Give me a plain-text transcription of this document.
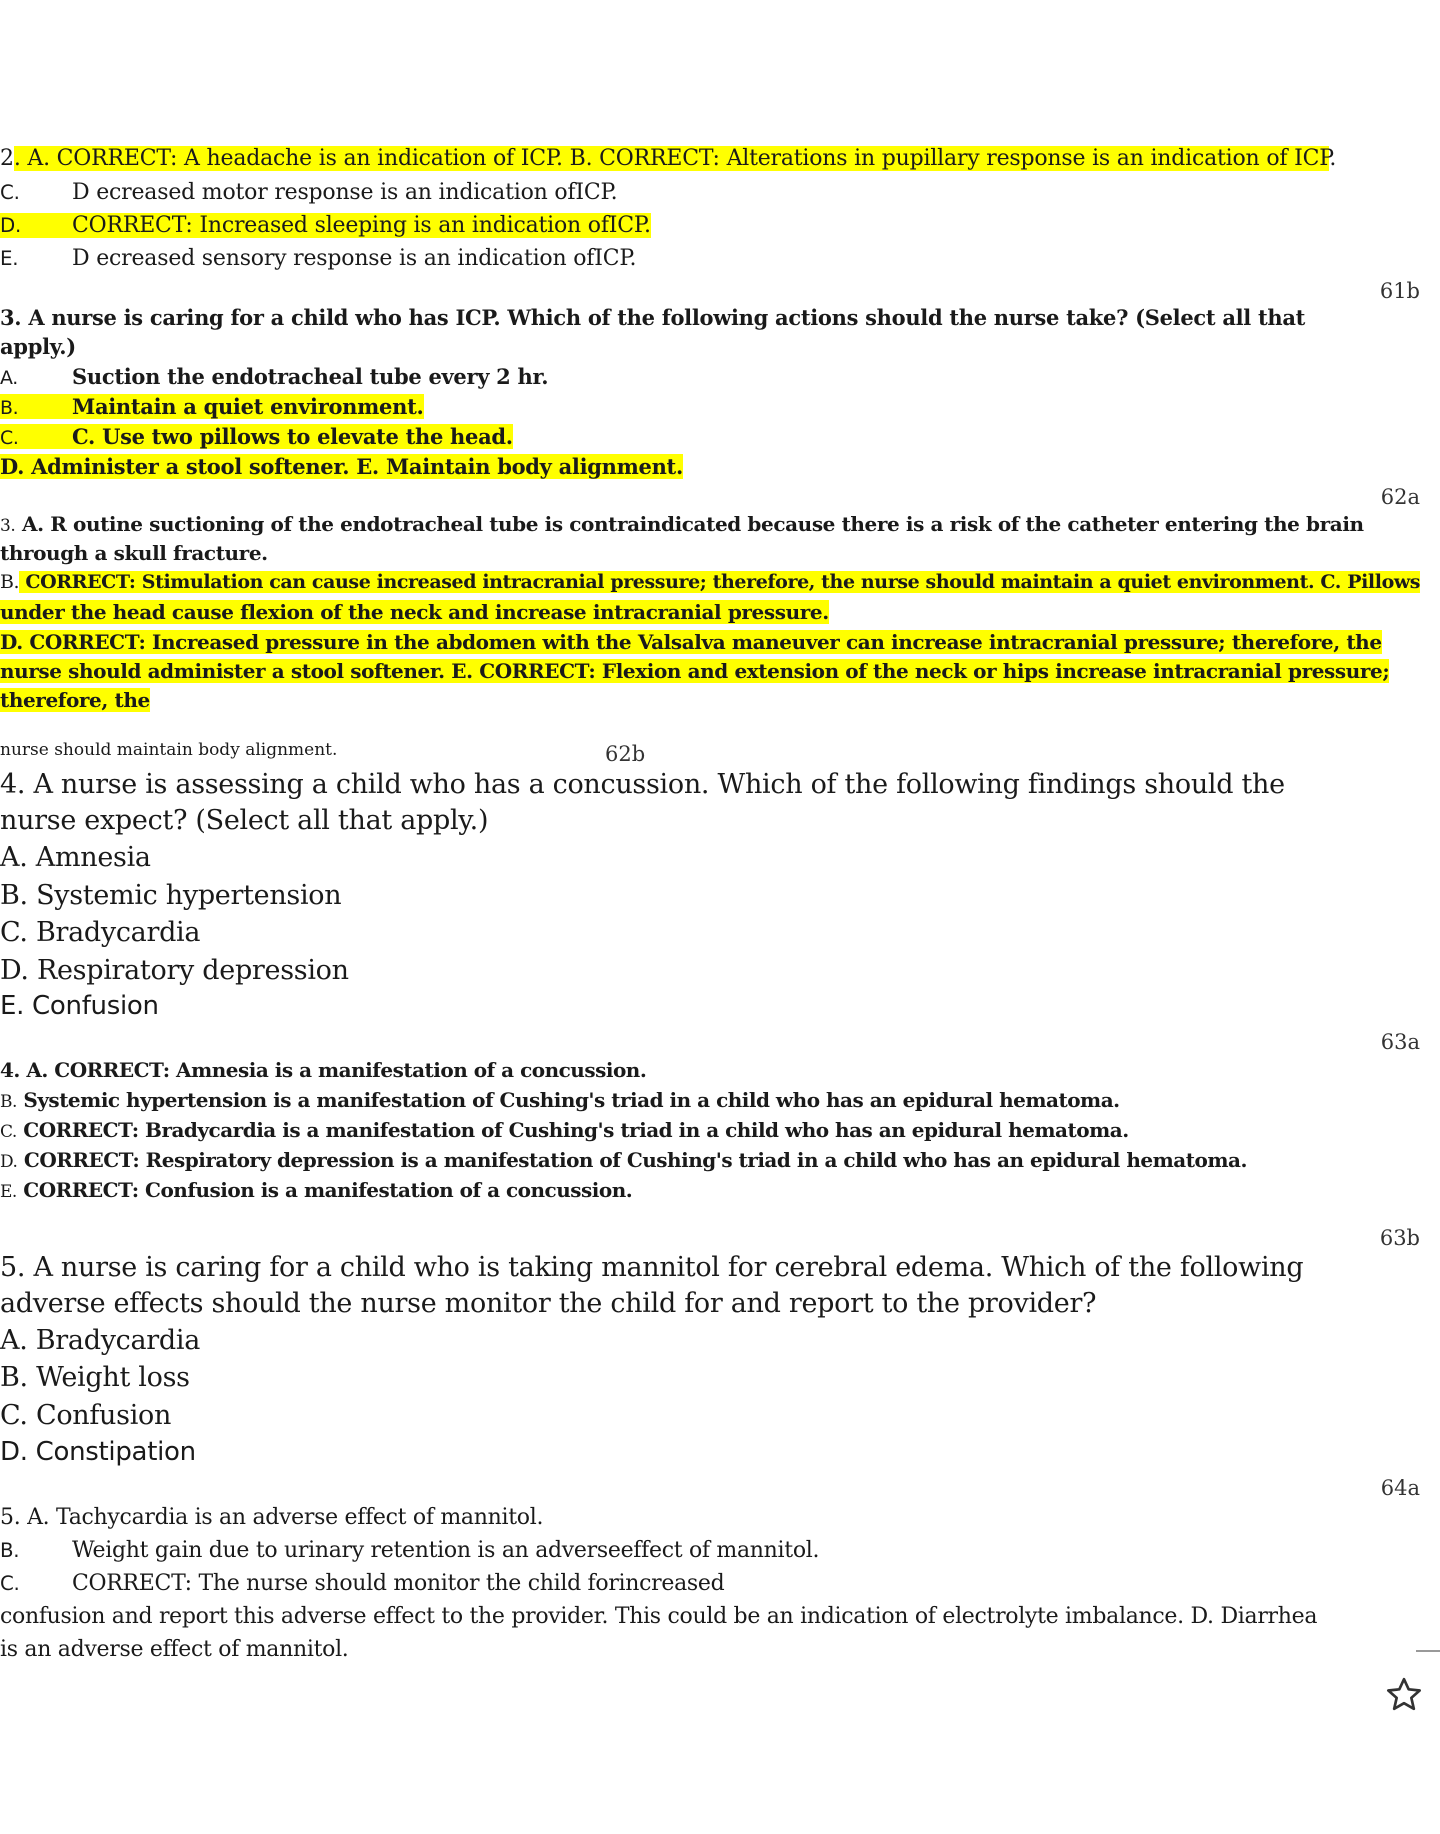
2. A. CORRECT: A headache is an indication of ICP. B. CORRECT: Alterations in pupillary response is an indication of ICP.
C. D ecreased motor response is an indication ofICP.
D. CORRECT: Increased sleeping is an indication ofICP.
E. D ecreased sensory response is an indication ofICP.
61b
3. A nurse is caring for a child who has ICP. Which of the following actions should the nurse take? (Select all that
apply.)
A.	Suction the endotracheal tube every 2 hr.
B.	Maintain a quiet environment.
C.	C. Use two pillows to elevate the head.
D. Administer a stool softener. E. Maintain body alignment.
62a
3. A. R outine suctioning of the endotracheal tube is contraindicated because there is a risk of the catheter entering the brain
through a skull fracture.
B. CORRECT: Stimulation can cause increased intracranial pressure; therefore, the nurse should maintain a quiet environment. C. Pillows
under the head cause flexion of the neck and increase intracranial pressure.
D. CORRECT: Increased pressure in the abdomen with the Valsalva maneuver can increase intracranial pressure; therefore, the
nurse should administer a stool softener. E. CORRECT: Flexion and extension of the neck or hips increase intracranial pressure;
therefore, the
nurse should maintain body alignment.	62b
4. A nurse is assessing a child who has a concussion. Which of the following findings should the
nurse expect? (Select all that apply.)
A. Amnesia
B. Systemic hypertension
C. Bradycardia
D. Respiratory depression
E. Confusion
63a
4. A. CORRECT: Amnesia is a manifestation of a concussion.
B. Systemic hypertension is a manifestation of Cushing's triad in a child who has an epidural hematoma.
C. CORRECT: Bradycardia is a manifestation of Cushing's triad in a child who has an epidural hematoma.
D. CORRECT: Respiratory depression is a manifestation of Cushing's triad in a child who has an epidural hematoma.
E. CORRECT: Confusion is a manifestation of a concussion.
63b
5. A nurse is caring for a child who is taking mannitol for cerebral edema. Which of the following
adverse effects should the nurse monitor the child for and report to the provider?
A. Bradycardia
B. Weight loss
C. Confusion
D. Constipation
64a
5. A. Tachycardia is an adverse effect of mannitol.
B. Weight gain due to urinary retention is an adverseeffect of mannitol.
C. CORRECT: The nurse should monitor the child forincreased
confusion and report this adverse effect to the provider. This could be an indication of electrolyte imbalance. D. Diarrhea
is an adverse effect of mannitol.
